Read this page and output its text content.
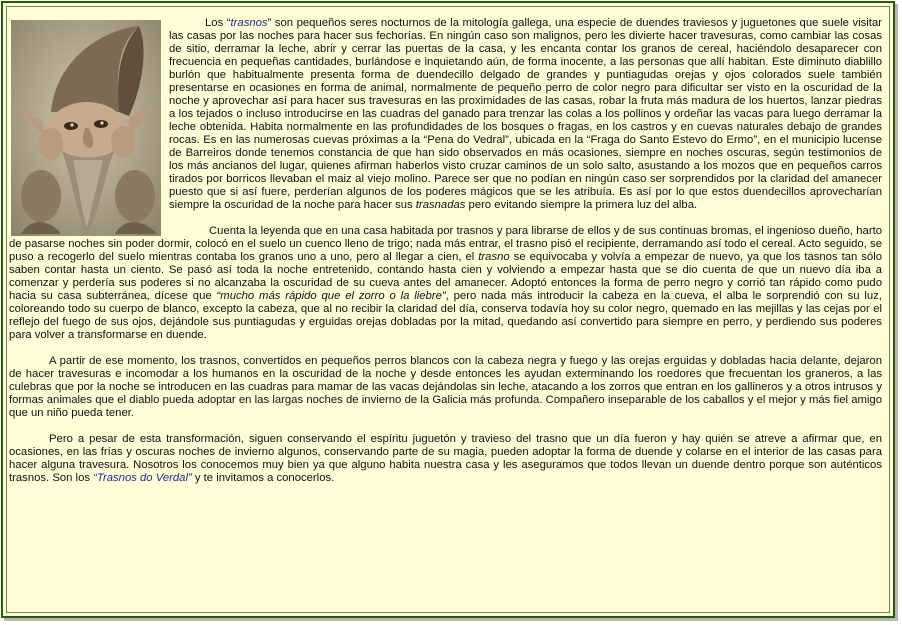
Los “trasnos” son pequeños seres nocturnos de la mitología gallega, una especie de duendes traviesos y juguetones que suele visitar las casas por las noches para hacer sus fechorías. En ningún caso son malignos, pero les divierte hacer travesuras, como cambiar las cosas de sitio, derramar la leche, abrir y cerrar las puertas de la casa, y les encanta contar los granos de cereal, haciéndolo desaparecer con frecuencia en pequeñas cantidades, burlándose e inquietando aún, de forma inocente, a las personas que allí habitan. Este diminuto diablillo burlón que habitualmente presenta forma de duendecillo delgado de grandes y puntiagudas orejas y ojos colorados suele también presentarse en ocasiones en forma de animal, normalmente de pequeño perro de color negro para dificultar ser visto en la oscuridad de la noche y aprovechar así para hacer sus travesuras en las proximidades de las casas, robar la fruta más madura de los huertos, lanzar piedras a los tejados o incluso introducirse en las cuadras del ganado para trenzar las colas a los pollinos y ordeñar las vacas para luego derramar la leche obtenida. Habita normalmente en las profundidades de los bosques o fragas, en los castros y en cuevas naturales debajo de grandes rocas. Es en las numerosas cuevas próximas a la “Pena do Vedral”, ubicada en la “Fraga do Santo Estevo do Ermo”, en el municipio lucense de Barreiros donde tenemos constancia de que han sido observados en más ocasiones, siempre en noches oscuras, según testimonios de los más ancianos del lugar, quienes afirman haberlos visto cruzar caminos de un solo salto, asustando a los mozos que en pequeños carros tirados por borricos llevaban el maiz al viejo molino. Parece ser que no podían en ningún caso ser sorprendidos por la claridad del amanecer puesto que si así fuere, perderían algunos de los poderes mágicos que se les atribuía. Es así por lo que estos duendecillos aprovecharían siempre la oscuridad de la noche para hacer sus trasnadas pero evitando siempre la primera luz del alba.

Cuenta la leyenda que en una casa habitada por trasnos y para librarse de ellos y de sus continuas bromas, el ingenioso dueño, harto de pasarse noches sin poder dormir, colocó en el suelo un cuenco lleno de trigo; nada más entrar, el trasno pisó el recipiente, derramando así todo el cereal. Acto seguido, se puso a recogerlo del suelo mientras contaba los granos uno a uno, pero al llegar a cien, el trasno se equivocaba y volvía a empezar de nuevo, ya que los tasnos tan sólo saben contar hasta un ciento. Se pasó así toda la noche entretenido, contando hasta cien y volviendo a empezar hasta que se dio cuenta de que un nuevo día iba a comenzar y perdería sus poderes si no alcanzaba la oscuridad de su cueva antes del amanecer. Adoptó entonces la forma de perro negro y corrió tan rápido como pudo hacia su casa subterránea, dícese que “mucho más rápido que el zorro o la liebre”, pero nada más introducir la cabeza en la cueva, el alba le sorprendió con su luz, coloreando todo su cuerpo de blanco, excepto la cabeza, que al no recibir la claridad del día, conserva todavía hoy su color negro, quemado en las mejillas y las cejas por el reflejo del fuego de sus ojos, dejándole sus puntiagudas y erguidas orejas dobladas por la mitad, quedando así convertido para siempre en perro, y perdiendo sus poderes para volver a transformarse en duende.

A partir de ese momento, los trasnos, convertidos en pequeños perros blancos con la cabeza negra y fuego y las orejas erguidas y dobladas hacia delante, dejaron de hacer travesuras e incomodar a los humanos en la oscuridad de la noche y desde entonces les ayudan exterminando los roedores que frecuentan los graneros, a las culebras que por la noche se introducen en las cuadras para mamar de las vacas dejándolas sin leche, atacando a los zorros que entran en los gallineros y a otros intrusos y formas animales que el diablo pueda adoptar en las largas noches de invierno de la Galicia más profunda. Compañero inseparable de los caballos y el mejor y más fiel amigo que un niño pueda tener.

Pero a pesar de esta transformación, siguen conservando el espíritu juguetón y travieso del trasno que un día fueron y hay quién se atreve a afirmar que, en ocasiones, en las frías y oscuras noches de invierno algunos, conservando parte de su magia, pueden adoptar la forma de duende y colarse en el interior de las casas para hacer alguna travesura. Nosotros los conocemos muy bien ya que alguno habita nuestra casa y les aseguramos que todos llevan un duende dentro porque son auténticos trasnos. Son los “Trasnos do Verdal” y te invitamos a conocerlos.
